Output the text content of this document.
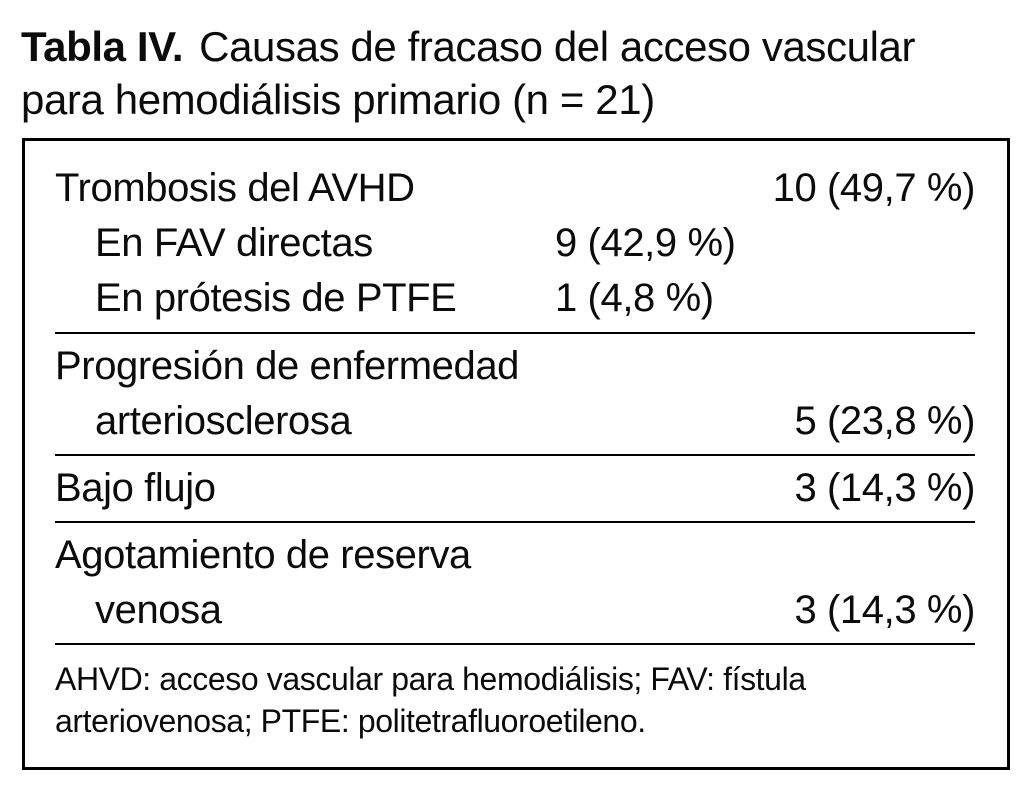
Tabla IV. Causas de fracaso del acceso vascular
para hemodiálisis primario (n = 21)
Trombosis del AVHD	10 (49,7 %)
En FAV directas	9 (42,9 %)
En prótesis de PTFE 1 (4,8 %)
Progresión de enfermedad
arteriosclerosa	5 (23,8 %)
Bajo flujo	3 (14,3 %)
Agotamiento de reserva
venosa	3 (14,3 %)
AHVD: acceso vascular para hemodiálisis; FAV: fístula
arteriovenosa; PTFE: politetrafluoroetileno.
